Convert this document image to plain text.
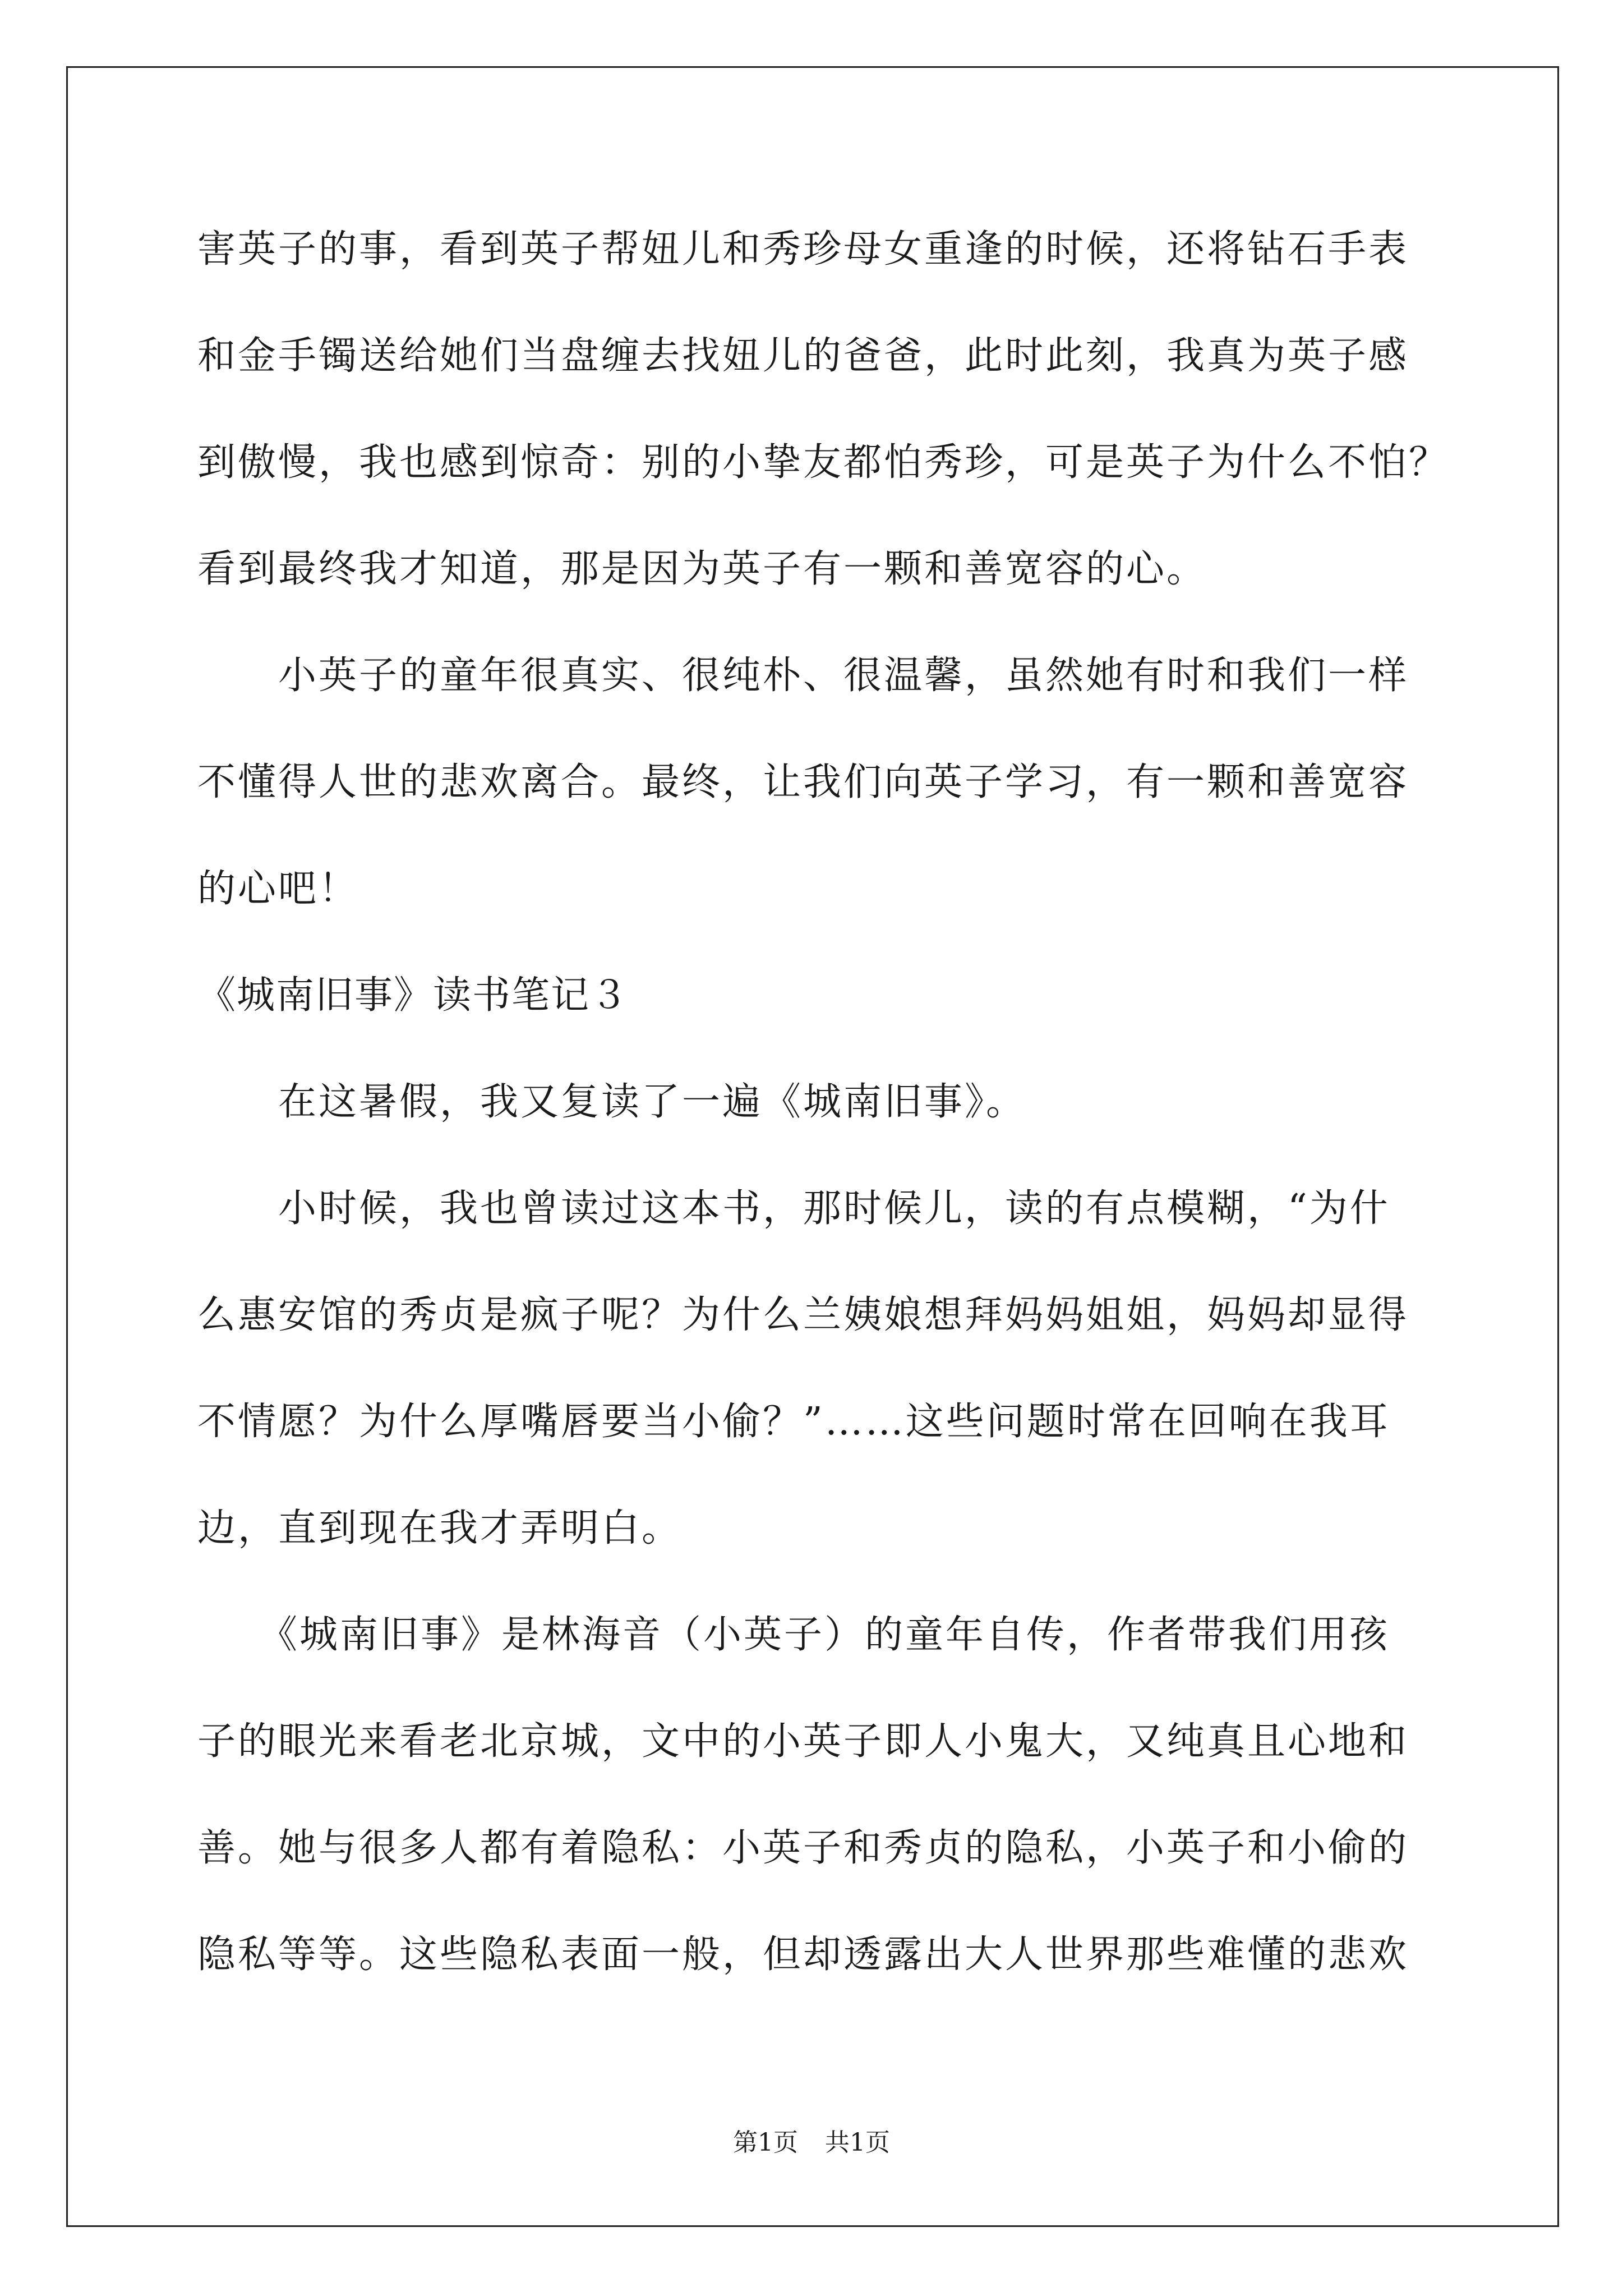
害英子的事，看到英子帮妞儿和秀珍母女重逢的时候，还将钻石手表
和金手镯送给她们当盘缠去找妞儿的爸爸，此时此刻，我真为英子感
到傲慢，我也感到惊奇：别的小挚友都怕秀珍，可是英子为什么不怕？
看到最终我才知道，那是因为英子有一颗和善宽容的心。
　　小英子的童年很真实、很纯朴、很温馨，虽然她有时和我们一样
不懂得人世的悲欢离合。最终，让我们向英子学习，有一颗和善宽容
的心吧！
《城南旧事》读书笔记３
　　在这暑假，我又复读了一遍《城南旧事》。
　　小时候，我也曾读过这本书，那时候儿，读的有点模糊，“为什
么惠安馆的秀贞是疯子呢？为什么兰姨娘想拜妈妈姐姐，妈妈却显得
不情愿？为什么厚嘴唇要当小偷？”……这些问题时常在回响在我耳
边，直到现在我才弄明白。
　　《城南旧事》是林海音（小英子）的童年自传，作者带我们用孩
子的眼光来看老北京城，文中的小英子即人小鬼大，又纯真且心地和
善。她与很多人都有着隐私：小英子和秀贞的隐私，小英子和小偷的
隐私等等。这些隐私表面一般，但却透露出大人世界那些难懂的悲欢
第1页 共1页
